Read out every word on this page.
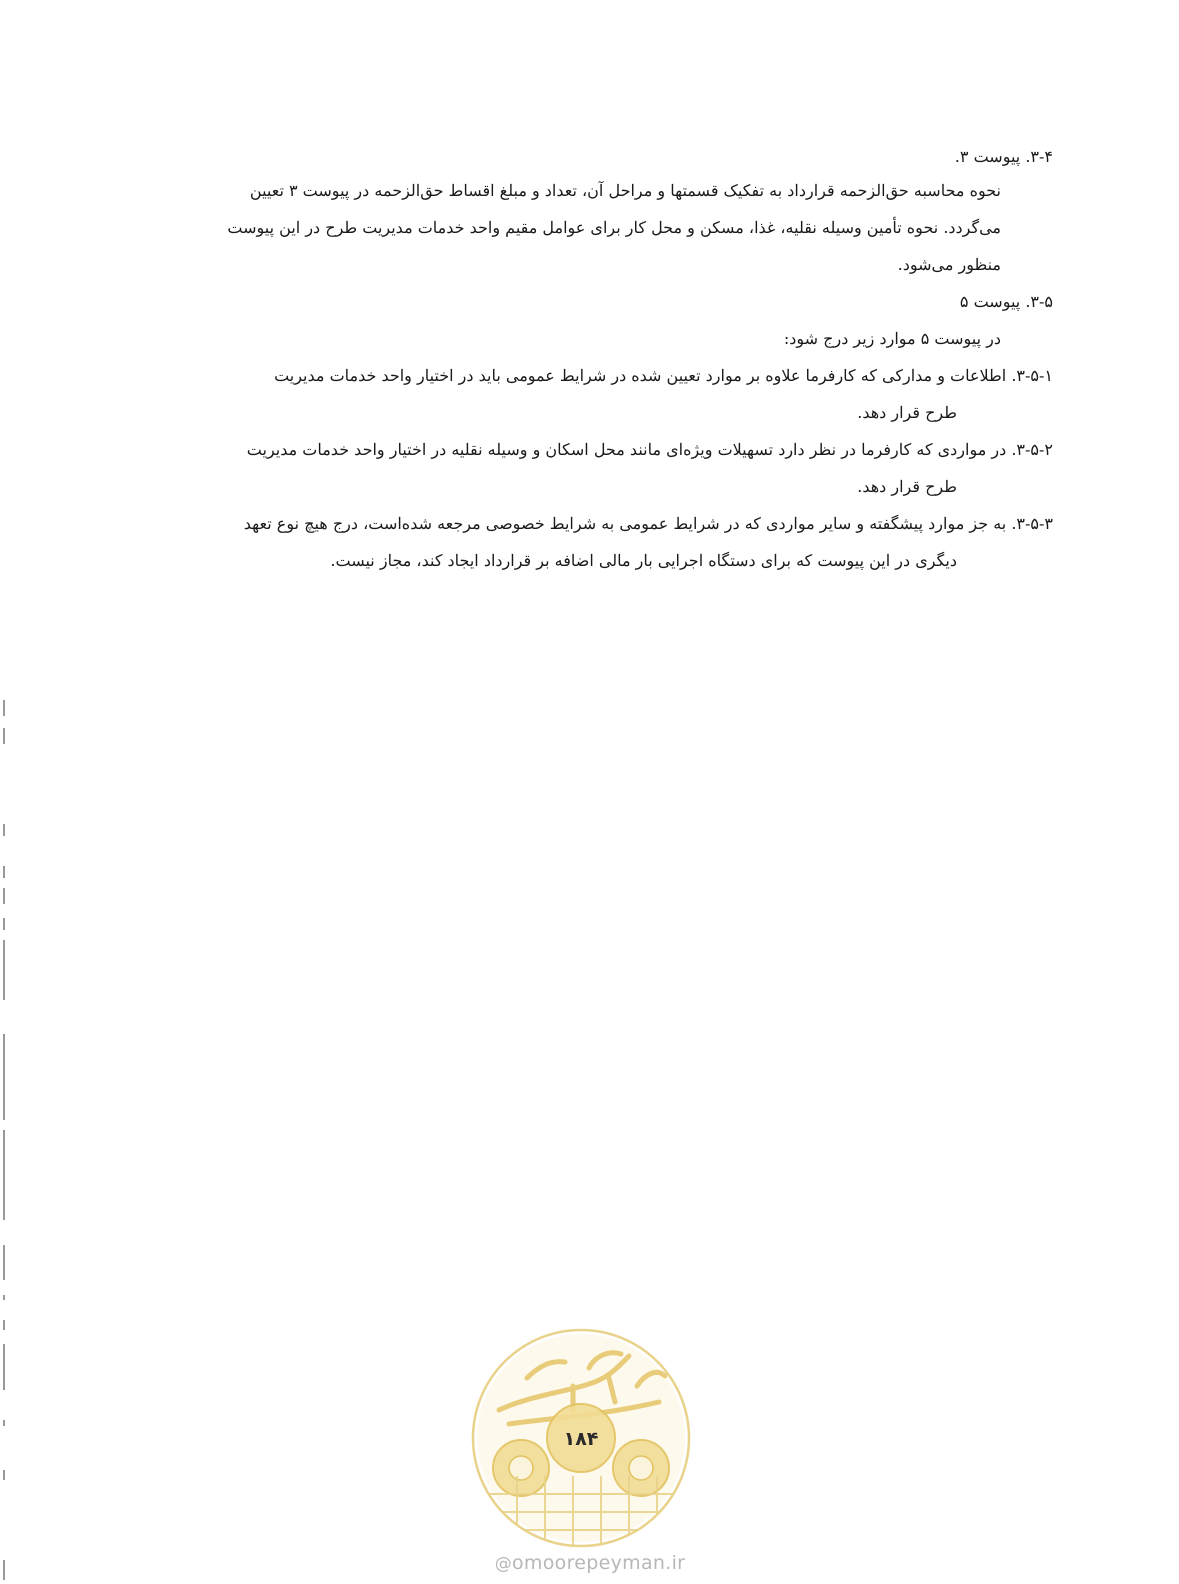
۳-۴. پیوست ۳.
نحوه محاسبه حق‌الزحمه قرارداد به تفکیک قسمتها و مراحل آن، تعداد و مبلغ اقساط حق‌الزحمه در پیوست ۳ تعیین
می‌گردد. نحوه تأمین وسیله نقلیه، غذا، مسکن و محل کار برای عوامل مقیم واحد خدمات مدیریت طرح در این پیوست
منظور می‌شود.
۳-۵. پیوست ۵
در پیوست ۵ موارد زیر درج شود:
۳-۵-۱. اطلاعات و مدارکی که کارفرما علاوه بر موارد تعیین شده در شرایط عمومی باید در اختیار واحد خدمات مدیریت
طرح قرار دهد.
۳-۵-۲. در مواردی که کارفرما در نظر دارد تسهیلات ویژه‌ای مانند محل اسکان و وسیله نقلیه در اختیار واحد خدمات مدیریت
طرح قرار دهد.
۳-۵-۳. به جز موارد پیشگفته و سایر مواردی که در شرایط عمومی به شرایط خصوصی مرجعه شده‌است، درج هیچ نوع تعهد
دیگری در این پیوست که برای دستگاه اجرایی بار مالی اضافه بر قرارداد ایجاد کند، مجاز نیست.
۱۸۴
@omoorepeyman.ir
